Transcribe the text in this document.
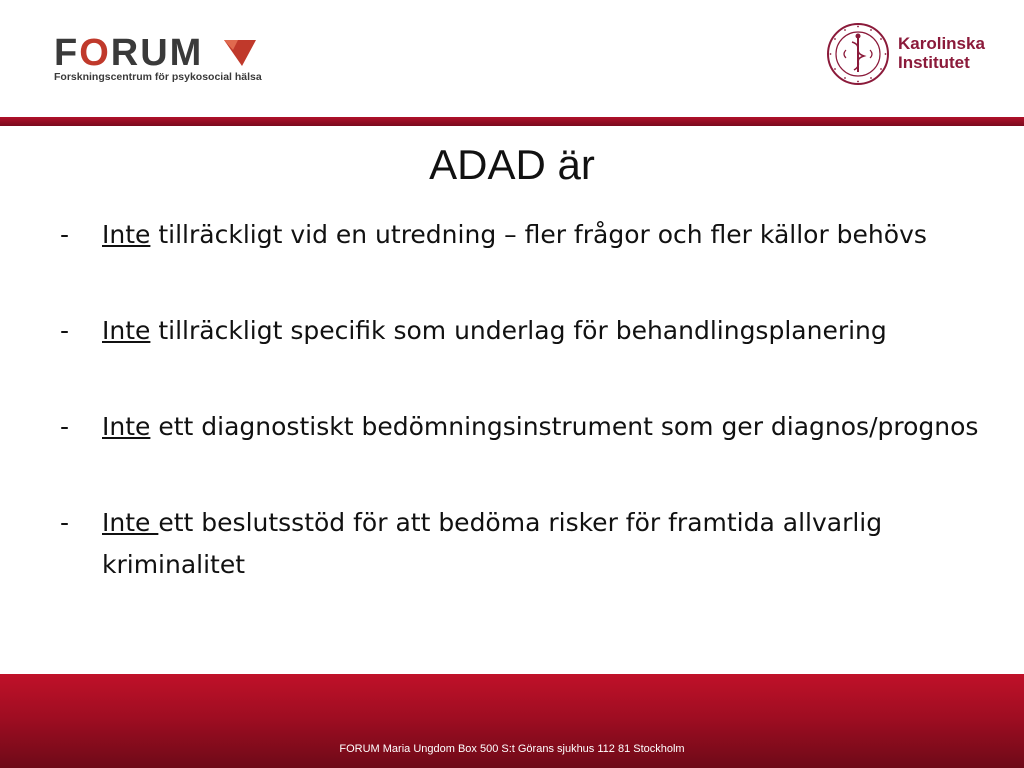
FORUM
Forskningscentrum för psykosocial hälsa
Karolinska
Institutet
ADAD är
- Inte tillräckligt vid en utredning – fler frågor och fler källor behövs
- Inte tillräckligt specifik som underlag för behandlingsplanering
- Inte ett diagnostiskt bedömningsinstrument som ger diagnos/prognos
- Inte ett beslutsstöd för att bedöma risker för framtida allvarlig kriminalitet
FORUM Maria Ungdom Box 500 S:t Görans sjukhus 112 81 Stockholm
